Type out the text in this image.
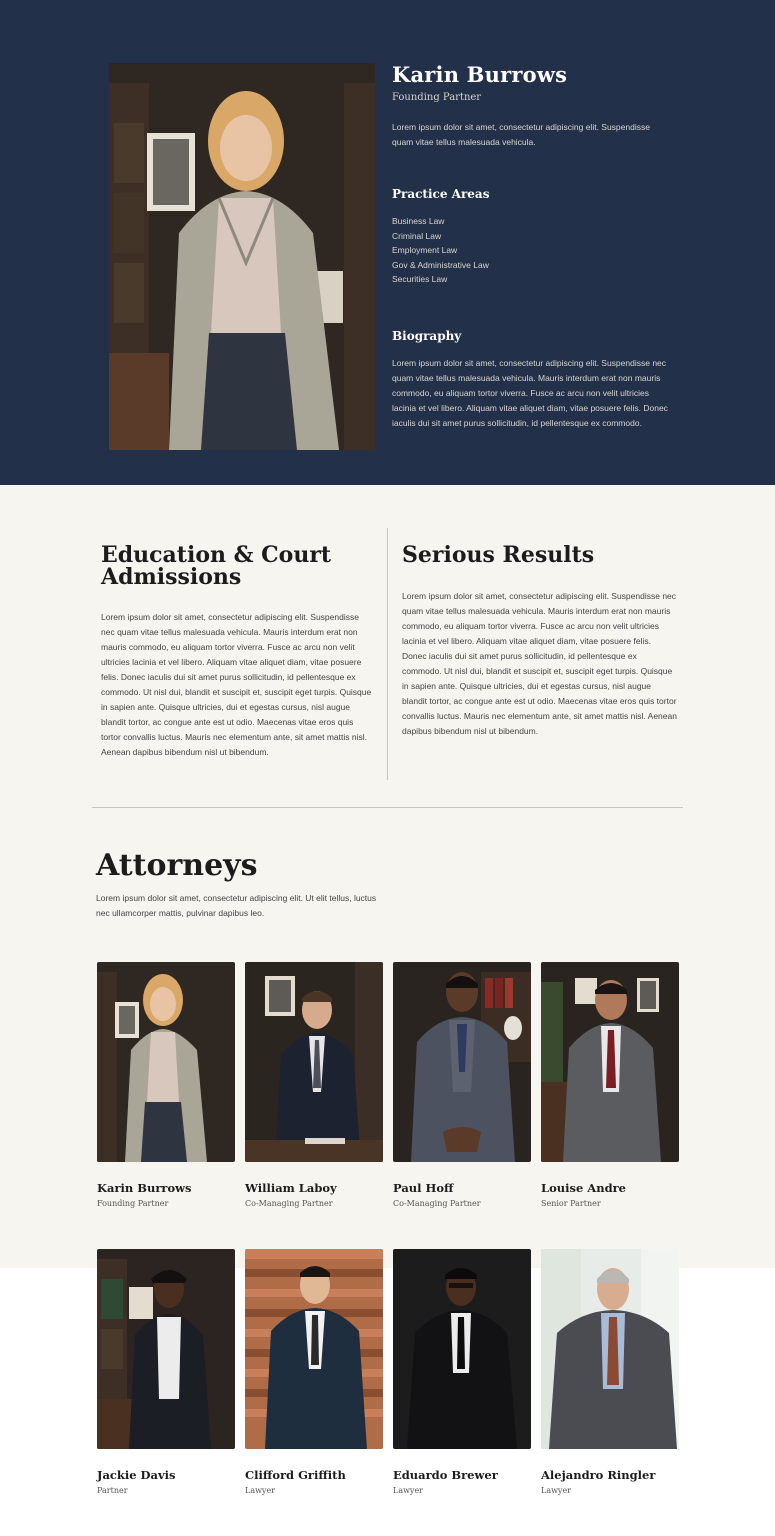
Karin Burrows
Founding Partner

Lorem ipsum dolor sit amet, consectetur adipiscing elit. Suspendisse quam vitae tellus malesuada vehicula.

Practice Areas
Business Law
Criminal Law
Employment Law
Gov & Administrative Law
Securities Law
Biography

Lorem ipsum dolor sit amet, consectetur adipiscing elit. Suspendisse nec quam vitae tellus malesuada vehicula. Mauris interdum erat non mauris commodo, eu aliquam tortor viverra. Fusce ac arcu non velit ultricies lacinia et vel libero. Aliquam vitae aliquet diam, vitae posuere felis. Donec iaculis dui sit amet purus sollicitudin, id pellentesque ex commodo.

Education & Court Admissions

Lorem ipsum dolor sit amet, consectetur adipiscing elit. Suspendisse nec quam vitae tellus malesuada vehicula. Mauris interdum erat non mauris commodo, eu aliquam tortor viverra. Fusce ac arcu non velit ultricies lacinia et vel libero. Aliquam vitae aliquet diam, vitae posuere felis. Donec iaculis dui sit amet purus sollicitudin, id pellentesque ex commodo. Ut nisl dui, blandit et suscipit et, suscipit eget turpis. Quisque in sapien ante. Quisque ultricies, dui et egestas cursus, nisl augue blandit tortor, ac congue ante est ut odio. Maecenas vitae eros quis tortor convallis luctus. Mauris nec elementum ante, sit amet mattis nisl. Aenean dapibus bibendum nisl ut bibendum.

Serious Results

Lorem ipsum dolor sit amet, consectetur adipiscing elit. Suspendisse nec quam vitae tellus malesuada vehicula. Mauris interdum erat non mauris commodo, eu aliquam tortor viverra. Fusce ac arcu non velit ultricies lacinia et vel libero. Aliquam vitae aliquet diam, vitae posuere felis. Donec iaculis dui sit amet purus sollicitudin, id pellentesque ex commodo. Ut nisl dui, blandit et suscipit et, suscipit eget turpis. Quisque in sapien ante. Quisque ultricies, dui et egestas cursus, nisl augue blandit tortor, ac congue ante est ut odio. Maecenas vitae eros quis tortor convallis luctus. Mauris nec elementum ante, sit amet mattis nisl. Aenean dapibus bibendum nisl ut bibendum.

Attorneys

Lorem ipsum dolor sit amet, consectetur adipiscing elit. Ut elit tellus, luctus nec ullamcorper mattis, pulvinar dapibus leo.

Karin Burrows
Founding Partner
William Laboy
Co-Managing Partner
Paul Hoff
Co-Managing Partner
Louise Andre
Senior Partner
Jackie Davis
Partner
Clifford Griffith
Lawyer
Eduardo Brewer
Lawyer
Alejandro Ringler
Lawyer
